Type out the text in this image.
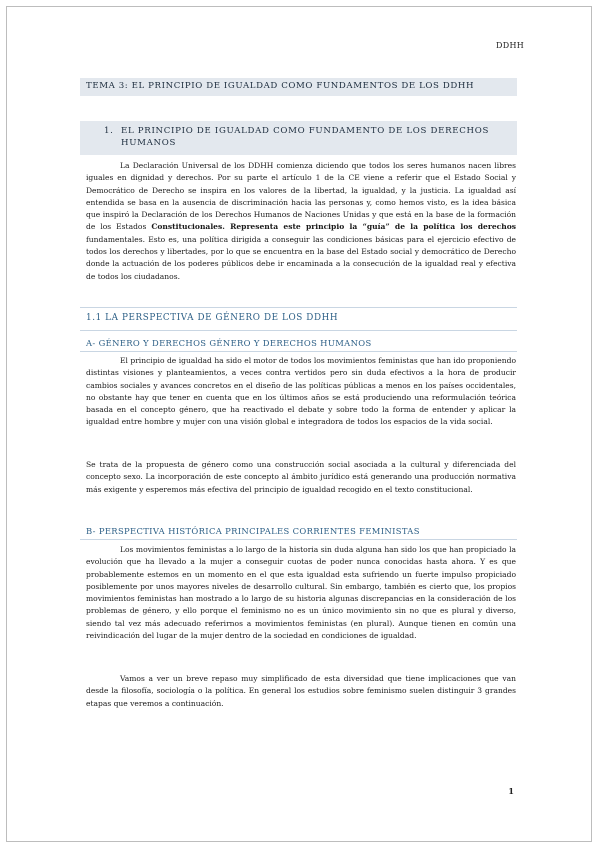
DDHH
TEMA 3: EL PRINCIPIO DE IGUALDAD COMO FUNDAMENTOS DE LOS DDHH
1. EL PRINCIPIO DE IGUALDAD COMO FUNDAMENTO DE LOS DERECHOS HUMANOS
La Declaración Universal de los DDHH comienza diciendo que todos los seres humanos nacen libres iguales en dignidad y derechos. Por su parte el artículo 1 de la CE viene a referir que el Estado Social y Democrático de Derecho se inspira en los valores de la libertad, la igualdad, y la justicia. La igualdad así entendida se basa en la ausencia de discriminación hacia las personas y, como hemos visto, es la idea básica que inspiró la Declaración de los Derechos Humanos de Naciones Unidas y que está en la base de la formación de los Estados Constitucionales. Representa este principio la “guía” de la política los derechos fundamentales. Esto es, una política dirigida a conseguir las condiciones básicas para el ejercicio efectivo de todos los derechos y libertades, por lo que se encuentra en la base del Estado social y democrático de Derecho donde la actuación de los poderes públicos debe ir encaminada a la consecución de la igualdad real y efectiva de todos los ciudadanos.
1.1 LA PERSPECTIVA DE GÉNERO DE LOS DDHH
A- GÉNERO Y DERECHOS GÉNERO Y DERECHOS HUMANOS
El principio de igualdad ha sido el motor de todos los movimientos feministas que han ido proponiendo distintas visiones y planteamientos, a veces contra vertidos pero sin duda efectivos a la hora de producir cambios sociales y avances concretos en el diseño de las políticas públicas a menos en los países occidentales, no obstante hay que tener en cuenta que en los últimos años se está produciendo una reformulación teórica basada en el concepto género, que ha reactivado el debate y sobre todo la forma de entender y aplicar la igualdad entre hombre y mujer con una visión global e integradora de todos los espacios de la vida social.
Se trata de la propuesta de género como una construcción social asociada a la cultural y diferenciada del concepto sexo. La incorporación de este concepto al ámbito jurídico está generando una producción normativa más exigente y esperemos más efectiva del principio de igualdad recogido en el texto constitucional.
B- PERSPECTIVA HISTÓRICA PRINCIPALES CORRIENTES FEMINISTAS
Los movimientos feministas a lo largo de la historia sin duda alguna han sido los que han propiciado la evolución que ha llevado a la mujer a conseguir cuotas de poder nunca conocidas hasta ahora. Y es que probablemente estemos en un momento en el que esta igualdad esta sufriendo un fuerte impulso propiciado posiblemente por unos mayores niveles de desarrollo cultural. Sin embargo, también es cierto que, los propios movimientos feministas han mostrado a lo largo de su historia algunas discrepancias en la consideración de los problemas de género, y ello porque el feminismo no es un único movimiento sin no que es plural y diverso, siendo tal vez más adecuado referirnos a movimientos feministas (en plural). Aunque tienen en común una reivindicación del lugar de la mujer dentro de la sociedad en condiciones de igualdad.
Vamos a ver un breve repaso muy simplificado de esta diversidad que tiene implicaciones que van desde la filosofía, sociología o la política. En general los estudios sobre feminismo suelen distinguir 3 grandes etapas que veremos a continuación.
1
